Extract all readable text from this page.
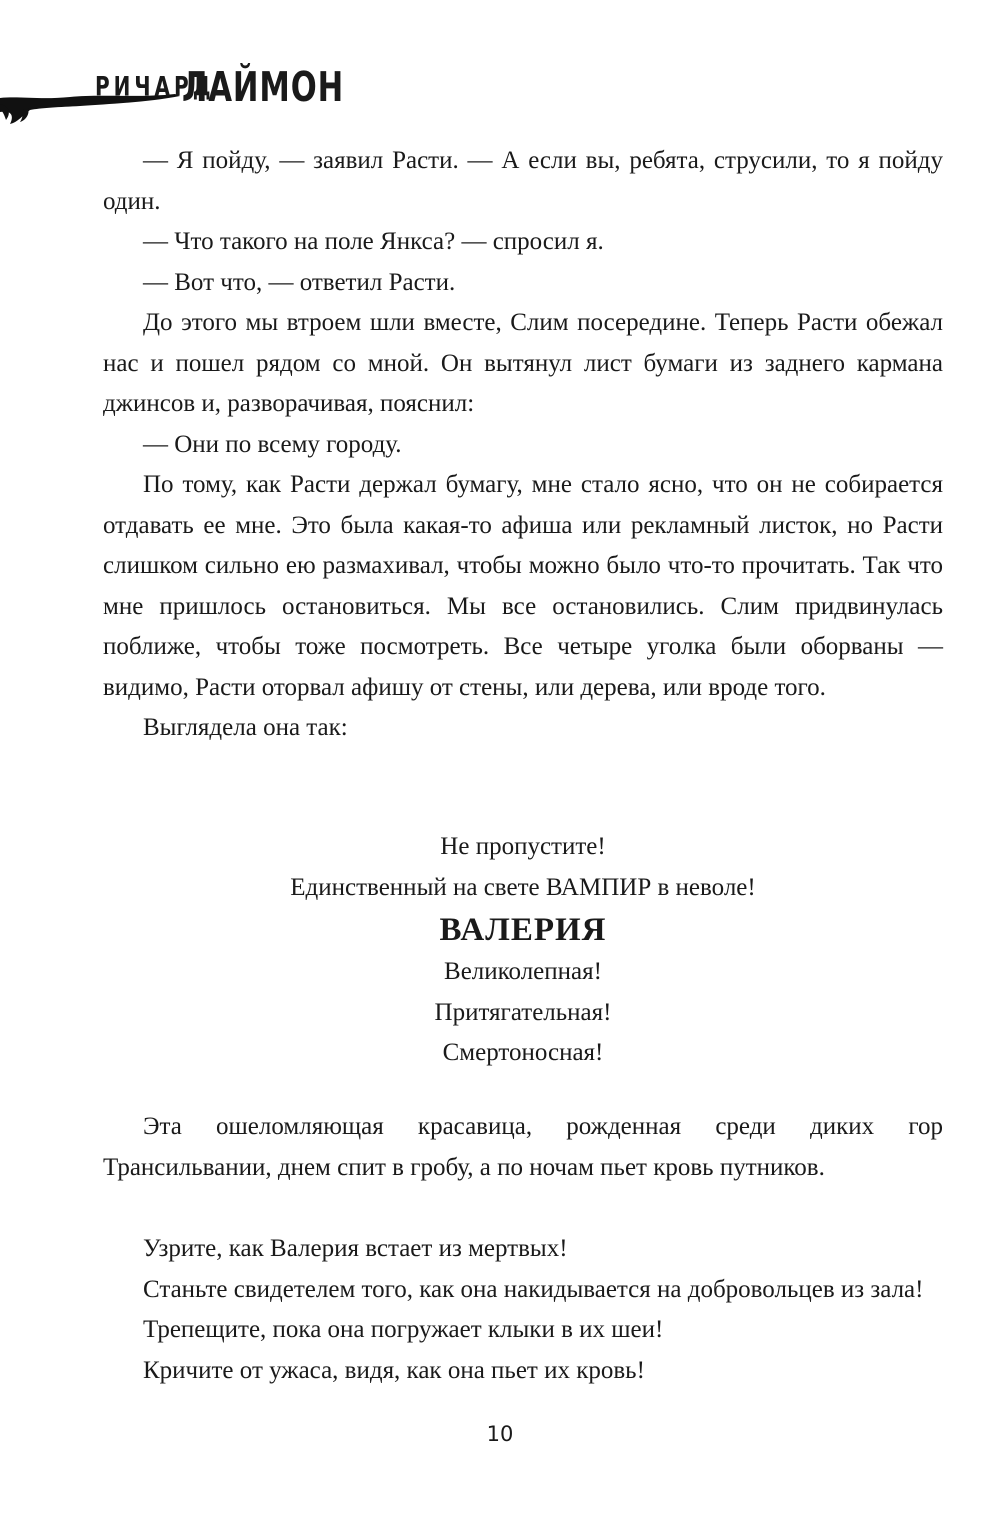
РИЧАРД
ЛАЙМОН

— Я пойду, — заявил Расти. — А если вы, ребята, струсили, то я пойду один.

— Что такого на поле Янкса? — спросил я.

— Вот что, — ответил Расти.

До этого мы втроем шли вместе, Слим посередине. Теперь Расти обежал нас и пошел рядом со мной. Он вытянул лист бумаги из заднего кармана джинсов и, разворачивая, пояснил:

— Они по всему городу.

По тому, как Расти держал бумагу, мне стало ясно, что он не собирается отдавать ее мне. Это была какая-то афиша или рекламный листок, но Расти слишком сильно ею размахивал, чтобы можно было что-то прочитать. Так что мне пришлось остановиться. Мы все остановились. Слим придвинулась поближе, чтобы тоже посмотреть. Все четыре уголка были оборваны — видимо, Расти оторвал афишу от стены, или дерева, или вроде того.

Выглядела она так:

Не пропустите!
Единственный на свете ВАМПИР в неволе!
ВАЛЕРИЯ
Великолепная!
Притягательная!
Смертоносная!

Эта ошеломляющая красавица, рожденная среди диких гор Трансильвании, днем спит в гробу, а по ночам пьет кровь путников.

Узрите, как Валерия встает из мертвых!

Станьте свидетелем того, как она накидывается на добровольцев из зала!

Трепещите, пока она погружает клыки в их шеи!

Кричите от ужаса, видя, как она пьет их кровь!

10
